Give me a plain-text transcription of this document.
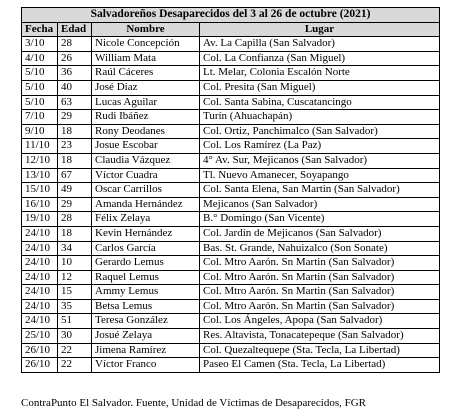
Salvadoreños Desaparecidos del 3 al 26 de octubre (2021)			
Fecha	Edad	Nombre	Lugar
3/10	28	Nicole Concepción	Av. La Capilla (San Salvador)
4/10	26	William Mata	Col. La Confianza (San Miguel)
5/10	36	Raúl Cáceres	Lt. Melar, Colonia Escalón Norte
5/10	40	José Díaz	Col. Presita (San Miguel)
5/10	63	Lucas Aguilar	Col. Santa Sabina, Cuscatancingo
7/10	29	Rudi Ibáñez	Turín (Ahuachapán)
9/10	18	Rony Deodanes	Col. Ortiz, Panchimalco (San Salvador)
11/10	23	Josue Escobar	Col. Los Ramírez (La Paz)
12/10	18	Claudia Vázquez	4° Av. Sur, Mejicanos (San Salvador)
13/10	67	Víctor Cuadra	Tl. Nuevo Amanecer, Soyapango
15/10	49	Oscar Carrillos	Col. Santa Elena, San Martin (San Salvador)
16/10	29	Amanda Hernández	Mejicanos (San Salvador)
19/10	28	Félix Zelaya	B.° Domingo (San Vicente)
24/10	18	Kevin Hernández	Col. Jardín de Mejicanos (San Salvador)
24/10	34	Carlos García	Bas. St. Grande, Nahuizalco (Son Sonate)
24/10	10	Gerardo Lemus	Col. Mtro Aarón. Sn Martin (San Salvador)
24/10	12	Raquel Lemus	Col. Mtro Aarón. Sn Martin (San Salvador)
24/10	15	Ammy Lemus	Col. Mtro Aarón. Sn Martin (San Salvador)
24/10	35	Betsa Lemus	Col. Mtro Aarón. Sn Martin (San Salvador)
24/10	51	Teresa González	Col. Los Ángeles, Apopa (San Salvador)
25/10	30	Josué Zelaya	Res. Altavista, Tonacatepeque (San Salvador)
26/10	22	Jimena Ramírez	Col. Quezaltequepe (Sta. Tecla, La Libertad)
26/10	22	Víctor Franco	Paseo El Camen (Sta. Tecla, La Libertad)
ContraPunto El Salvador. Fuente, Unidad de Víctimas de Desaparecidos, FGR
